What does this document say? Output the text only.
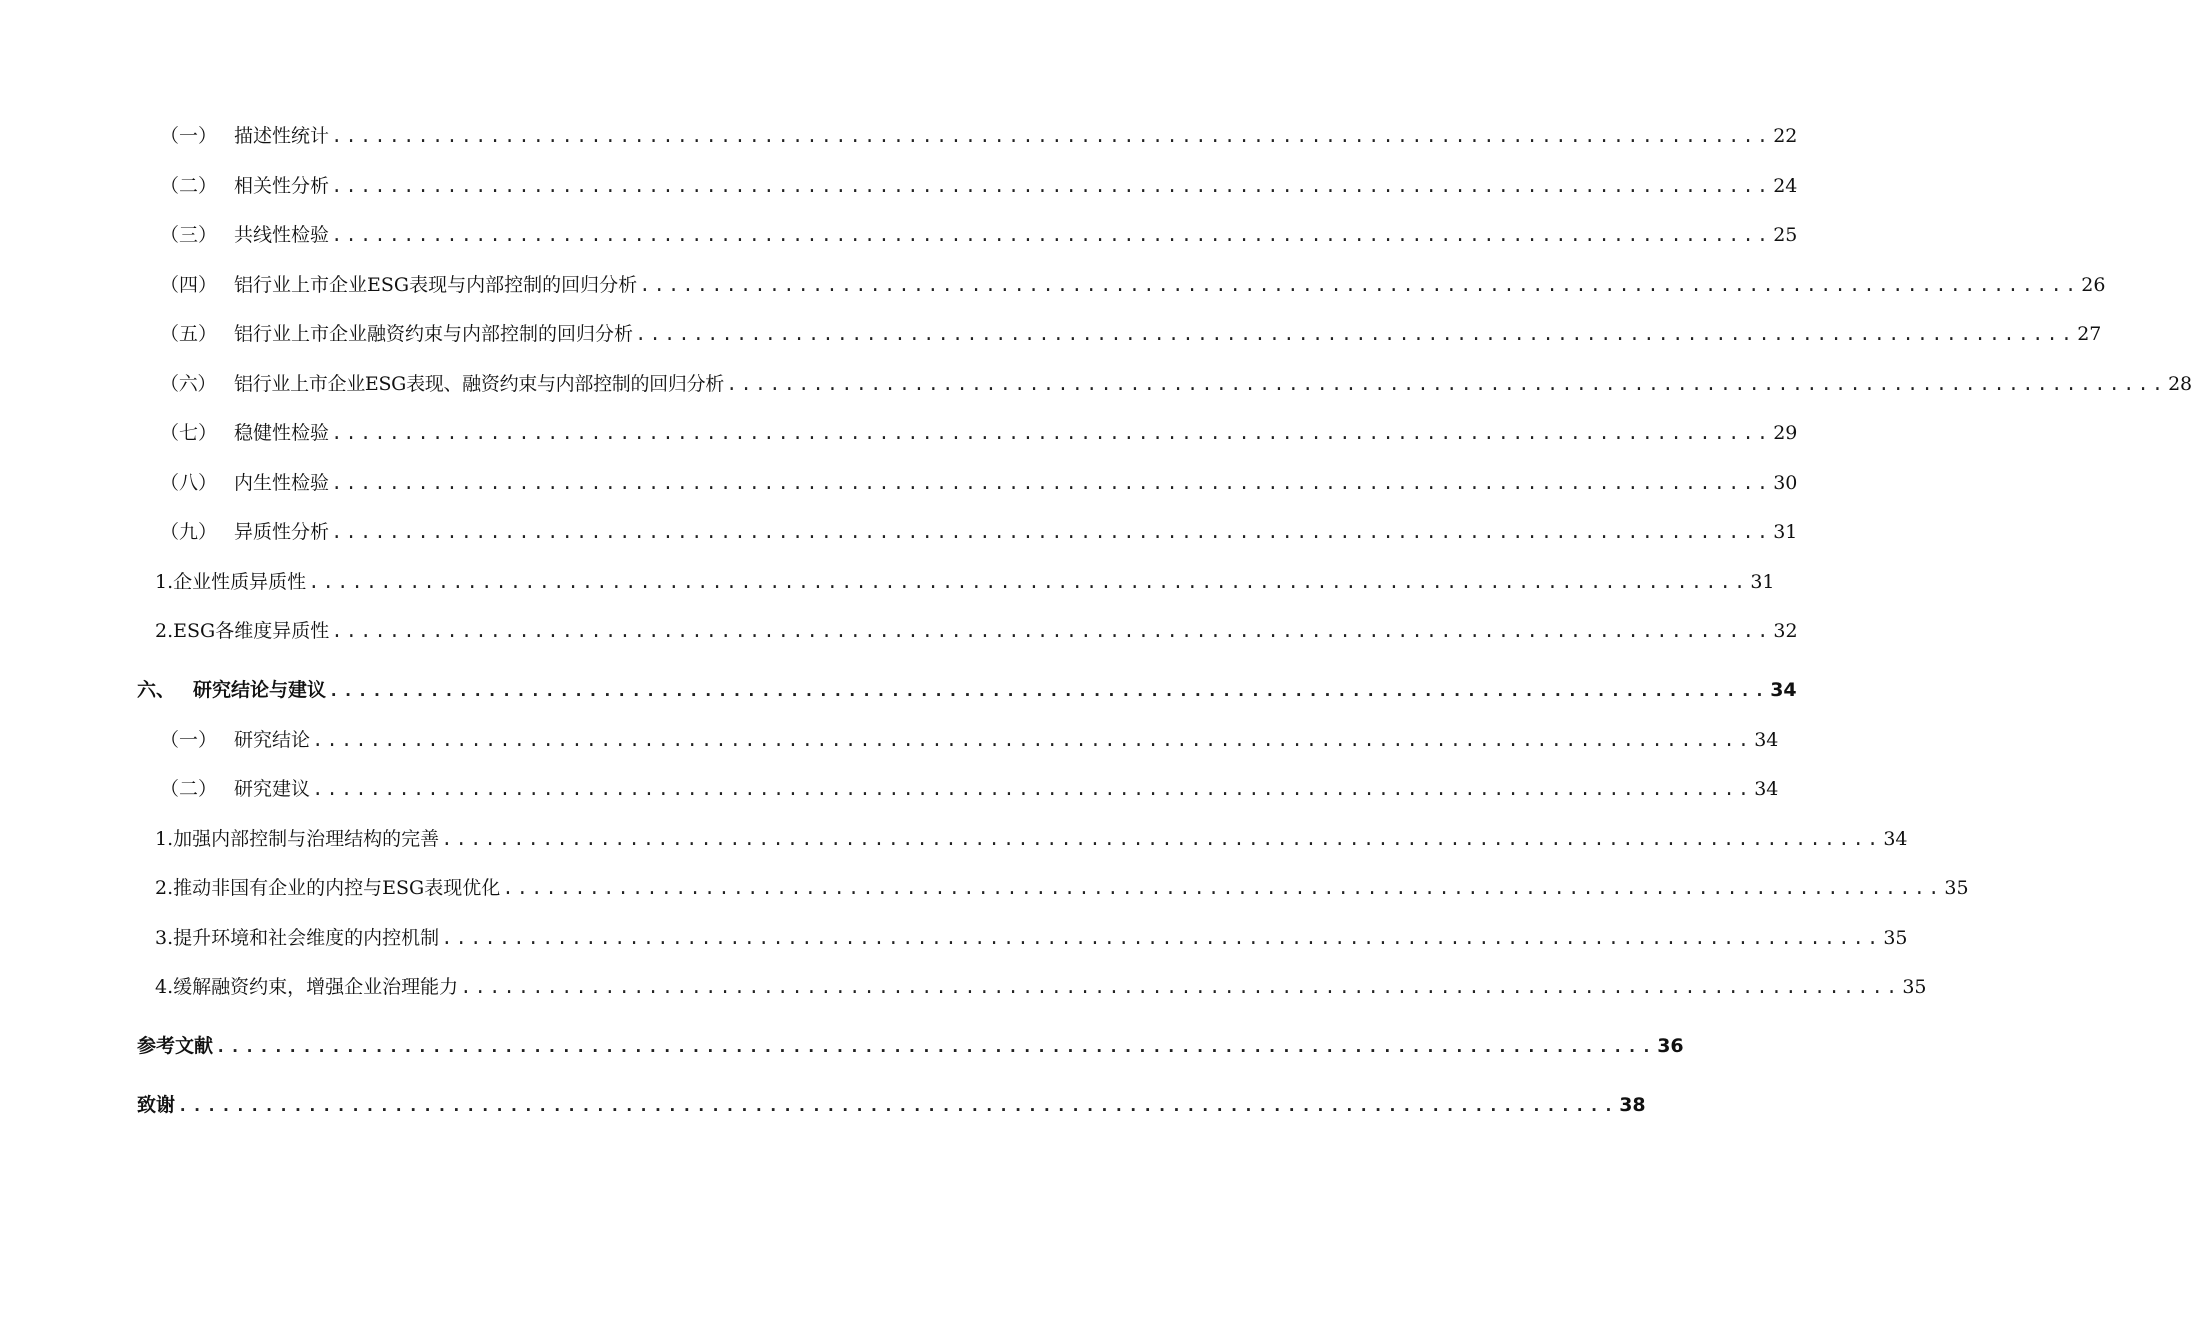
（一） 描述性统计 .................................................................................................... 22
（二） 相关性分析 .................................................................................................... 24
（三） 共线性检验 .................................................................................................... 25
（四） 铝行业上市企业ESG表现与内部控制的回归分析 .................................................................................................... 26
（五） 铝行业上市企业融资约束与内部控制的回归分析 .................................................................................................... 27
（六） 铝行业上市企业ESG表现、融资约束与内部控制的回归分析 .................................................................................................... 28
（七） 稳健性检验 .................................................................................................... 29
（八） 内生性检验 .................................................................................................... 30
（九） 异质性分析 .................................................................................................... 31
1.企业性质异质性 .................................................................................................... 31
2.ESG各维度异质性 .................................................................................................... 32
六、 研究结论与建议 .................................................................................................... 34
（一） 研究结论 .................................................................................................... 34
（二） 研究建议 .................................................................................................... 34
1.加强内部控制与治理结构的完善 .................................................................................................... 34
2.推动非国有企业的内控与ESG表现优化 .................................................................................................... 35
3.提升环境和社会维度的内控机制 .................................................................................................... 35
4.缓解融资约束，增强企业治理能力 .................................................................................................... 35
参考文献 .................................................................................................... 36
致谢 .................................................................................................... 38
